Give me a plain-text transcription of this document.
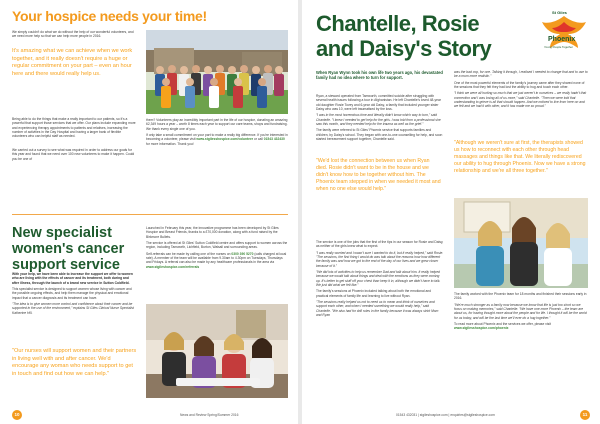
Your hospice needs your time!
We simply couldn't do what we do without the help of our wonderful volunteers, and we need more help so that we can help more people in 2016.
It's amazing what we can achieve when we work together, and it really doesn't require a huge or regular commitment on your part – even an hour here and there would really help us.
Being able to do the things that make a really important to our patients, so it's a powerful that support those services that we offer. Our plans include expanding more and experiencing therapy appointments to patients and relatives, increasing the number of activities in the Day Hospital and having a larger bank of flexible volunteers who can helpful staff as needed.
We carried out a survey to see what was required in order to address our goals for this year and found that we need over 100 new volunteers to make it happen. Could you be one of

them? Volunteers play an incredibly important part in the life of our hospice, donating an amazing 62,349 hours a year – worth 8 times each year to support our care teams, shops and fundraising. We thank every single one of you.

If only take a small commitment on your part to make a really big difference. If you're interested in becoming a volunteer, please visit www.stgilesshospice.com/volunteer or call 01543 432430 for more information. Thank you!

New specialist women's cancer support service

With your help, we have been able to increase the support we offer to women who are living with the effects of cancer and its treatment, both during and after illness, through the launch of a brand new service in Sutton Coldfield.

This specialist service is designed to support women whose living with cancer and the possible ongoing effects, and help them manage the physical and emotional impact that a cancer diagnosis and its treatment can have.

"The idea is to give women more control and confidence about their cancer and be supported in the use of the environment," explains St Giles Clinical Nurse Specialist Katherine Hill.

"Our nurses will support women and their partners in living well with and after cancer. We'd encourage any woman who needs support to get in touch and find out how we can help."

Launched in February this year, the innovative programme has been developed by St Giles Hospice and Breast Friends, thanks to a £70,000 donation, along with a fund raised by the Birkmore Bullets.

The service is offered at St Giles' Sutton Coldfield centre and offers support to women across the region, including Tamworth, Lichfield, Burton, Walsall and surrounding areas.

Self-referrals can be made by calling one of the nurses on 0300 390 5270 (calls charged at local rate). A member of the team will be available from 9.30am to 4.30pm on Tuesdays, Thursdays and Fridays. A referral can also be made by any healthcare professionals in the area via www.stgileshospice.com/referrals

10	News and Review Spring/Summer 2016
Chantelle, Rosie
and Daisy's Story
St Giles
Phoenix
Young People Together
When Ryan Wynn took his own life two years ago, his devastated family had no idea where to turn for support.

Ryan, a steward operated from Tamworth, committed suicide after struggling with several health issues following a tour in Afghanistan. He left Chantelle's loved 48-year old daughter Rosie Tovey and 6-year old Daisy, a family that included younger sister Daisy who was 10, were left traumatised by the loss.

"I was in the most horrendous time and literally didn't know which way to turn," said Chantelle. "I knew I needed to get help for the girls. I was told from a professional she saw this month, and they needed help for the trauma as well as the grief."

The family were referred to St Giles' Phoenix service that supports families and children, by Daisy's school. They began with one-to-one counselling for help, and soon started bereavement support together, Chantelle said.

"We'd lost the connection between us when Ryan died. Rosie didn't want to be in the house and we didn't know how to be together without him. The Phoenix team stepped in when we needed it most and when no one else would help."

The service is one of the jobs that the first of the tips in our season for Rosie and Daisy, as neither of the girls knew what to expect.

"I was really worried and I wasn't sure I wanted to do it, but it really helped," said Rosie. "The sessions, the first thing I would do was talk about the reasons how how different the family was and how we got to the end of the day of our lives and we grew closer because of it."

"We did lots of activities to help us remember Dad and talk about him. It really helped because we would talk about things and deal with the emotions as they were coming up. It's better to get stuff off your chest than keep it in, although we didn't have to talk. We just did what we felt like."

The family's sessions at Phoenix included talking about both the emotional and practical elements of family life and learning to live without Ryan.

"The sessions really helped us not to need us to mean and think of ourselves and support each other, and when I needed something we would really help," said Chantelle. "We also had for drill rules in the family because it was always strict Mom and Ryan

was the bad cop, for one. Talking it through, I realised I needed to change that and to use to be a mum more realistic."

One of the most powerful elements of the family's journey came after they shared none of the sessions that they felt they had lost the ability to hug and touch each other.

"I think we were all hurting so much that we just weren't in ourselves – we really hadn't that connection and I was losing all of us more," said Chantelle. "Then we were told that understanding to grieve is all that should happen. And we noticed to live from here on and we felt and we had it with other, and it has made me so proud."

"Although we weren't sure at first, the therapists showed us how to reconnect with each other through head massages and things like that. We literally rediscovered our ability to hug through Phoenix. Now we have a strong relationship and we're all three together."

The family worked with the Phoenix team for 18 months and finished their sessions early in 2016.

"We're much stronger as a family now because we know that life is just too short so we focus on making memories," said Chantelle. "We have one more Phoenix – the team are about us, for having thought more about the people and for life. I thought it will be the world for us today, and will be the last time we'll ever do a hug together."

To read more about Phoenix and the services we offer, please visit www.stgilesshospice.com/phoenix

01543 432031 | stgileshospice.com | enquiries@stgileshospice.com	11
